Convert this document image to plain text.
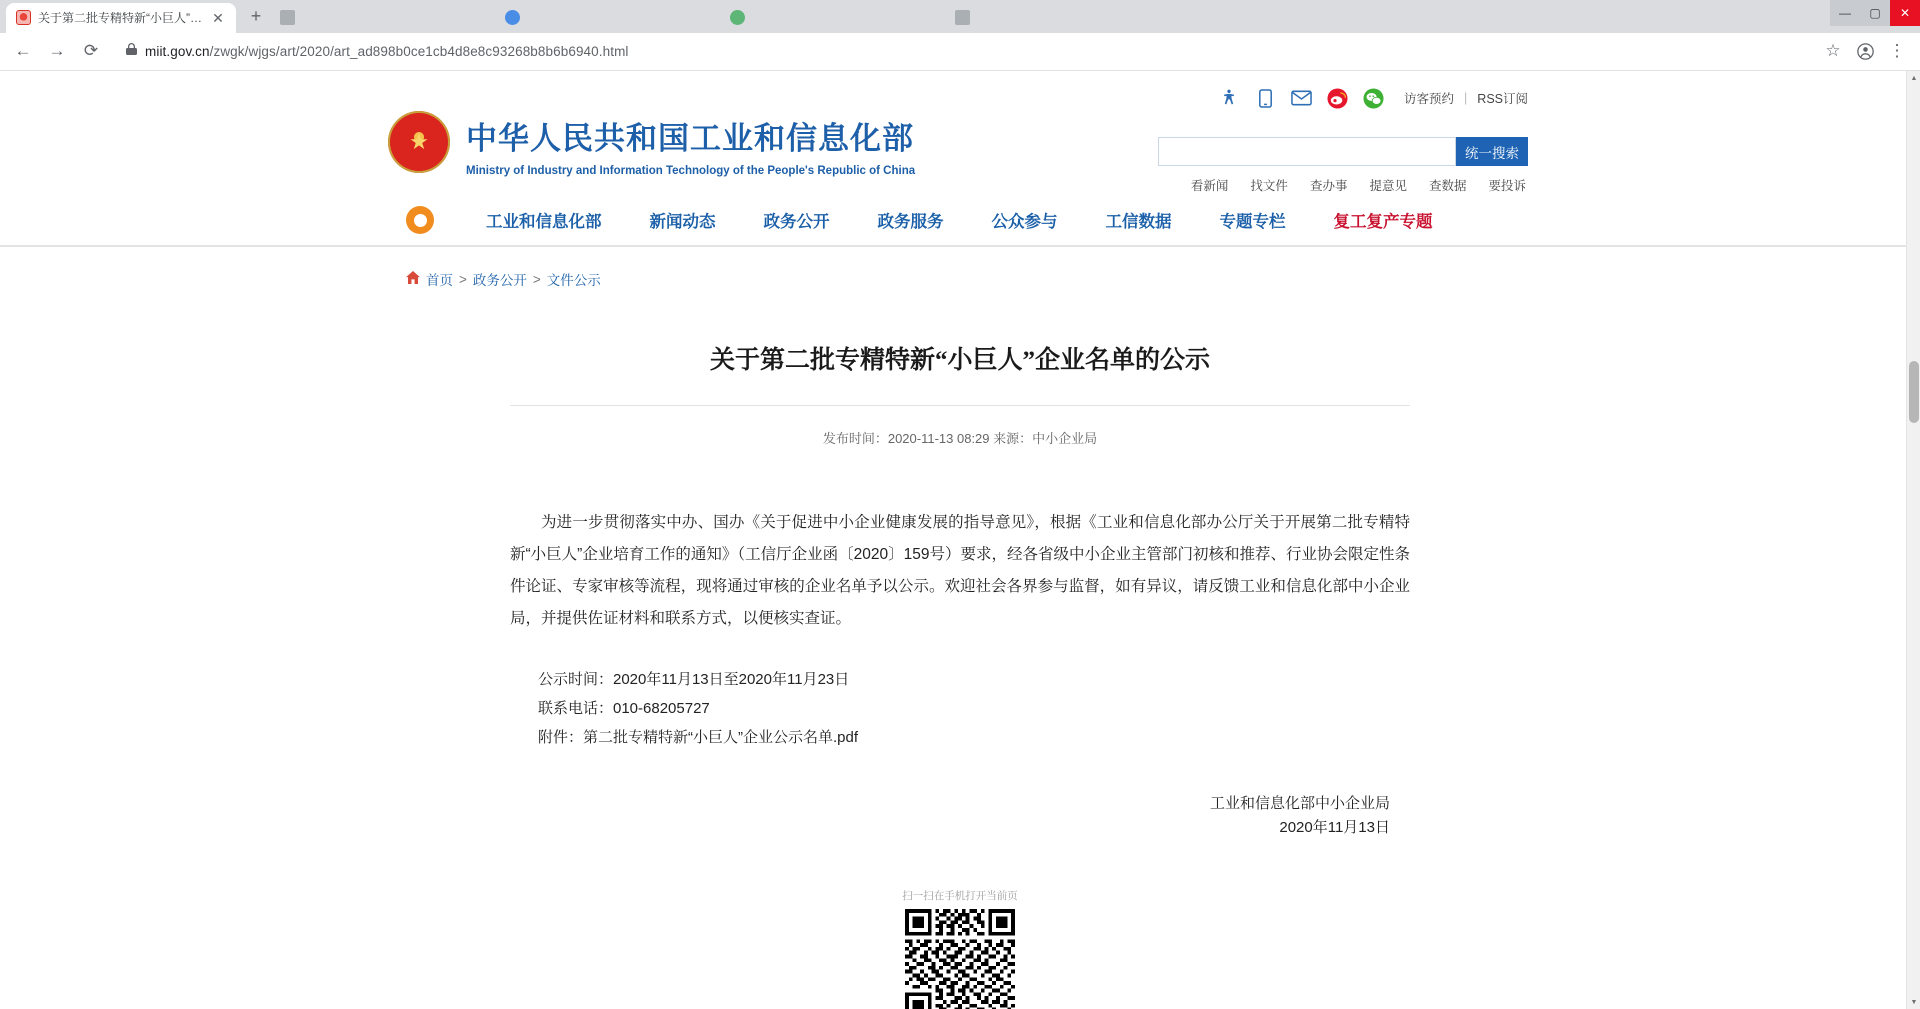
关于第二批专精特新“小巨人”… ✕	+	—	▢	✕
←	→	⟳	miit.gov.cn/zwgk/wjgs/art/2020/art_ad898b0ce1cb4d8e8c93268b8b6b6940.html	☆	⋮
访客预约 | RSS订阅
★
中华人民共和国工业和信息化部
Ministry of Industry and Information Technology of the People's Republic of China
统一搜索
看新闻 找文件 查办事 提意见 查数据 要投诉
工业和信息化部	新闻动态	政务公开	政务服务	公众参与	工信数据	专题专栏	复工复产专题
首页 > 政务公开 > 文件公示
关于第二批专精特新“小巨人”企业名单的公示
发布时间：2020-11-13 08:29 来源：中小企业局

为进一步贯彻落实中办、国办《关于促进中小企业健康发展的指导意见》，根据《工业和信息化部办公厅关于开展第二批专精特新“小巨人”企业培育工作的通知》（工信厅企业函〔2020〕159号）要求，经各省级中小企业主管部门初核和推荐、行业协会限定性条件论证、专家审核等流程，现将通过审核的企业名单予以公示。欢迎社会各界参与监督，如有异议，请反馈工业和信息化部中小企业局，并提供佐证材料和联系方式，以便核实查证。

公示时间：2020年11月13日至2020年11月23日
联系电话：010-68205727
附件：第二批专精特新“小巨人”企业公示名单.pdf
工业和信息化部中小企业局
2020年11月13日
扫一扫在手机打开当前页
▲
▼
